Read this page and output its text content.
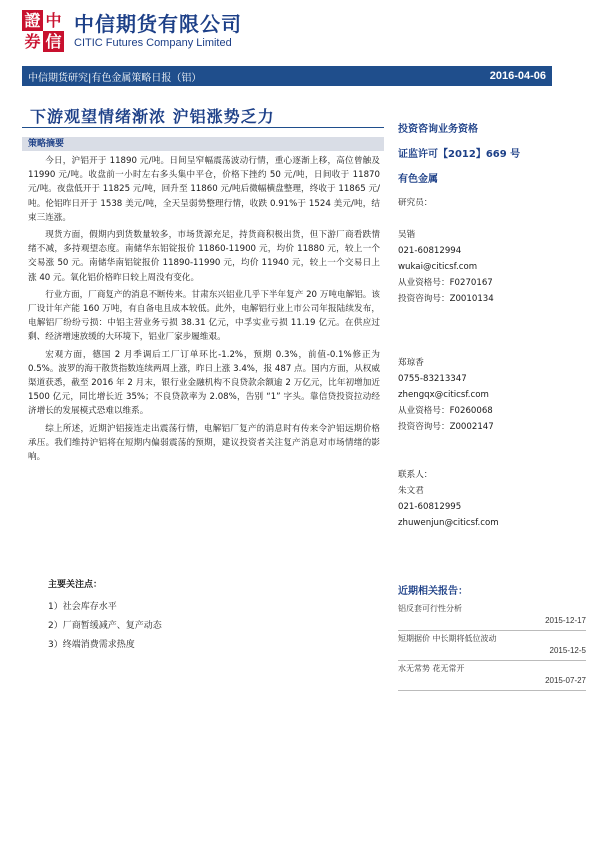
證 中
券 信
中信期货有限公司
CITIC Futures Company Limited
中信期货研究|有色金属策略日报（铝）	2016-04-06
下游观望情绪渐浓 沪铝涨势乏力
策略摘要

今日，沪铝开于 11890 元/吨。日间呈窄幅震荡波动行情，重心逐渐上移，高位曾触及 11990 元/吨。收盘前一小时左右多头集中平仓，价格下挫约 50 元/吨，日间收于 11870 元/吨。夜盘低开于 11825 元/吨，回升至 11860 元/吨后微幅横盘整理，终收于 11865 元/吨。伦铝昨日开于 1538 美元/吨，全天呈弱势整理行情，收跌 0.91%于 1524 美元/吨，结束三连涨。

现货方面，假期内到货数量较多，市场货源充足，持货商积极出货，但下游厂商看跌情绪不减，多持观望态度。南储华东铝锭报价 11860-11900 元，均价 11880 元，较上一个交易涨 50 元。南储华南铝锭报价 11890-11990 元，均价 11940 元，较上一个交易日上涨 40 元。氧化铝价格昨日较上周没有变化。

行业方面，厂商复产的消息不断传来。甘肃东兴铝业几乎下半年复产 20 万吨电解铝。该厂设计年产能 160 万吨，有自备电且成本较低。此外，电解铝行业上市公司年报陆续发布，电解铝厂纷纷亏损：中铝主营业务亏损 38.31 亿元，中孚实业亏损 11.19 亿元。在供应过剩、经济增速放缓的大环境下，铝业厂家步履维艰。

宏观方面，德国 2 月季调后工厂订单环比-1.2%，预期 0.3%，前值-0.1%修正为 0.5%。波罗的海干散货指数连续两周上涨，昨日上涨 3.4%，报 487 点。国内方面，从权威渠道获悉，截至 2016 年 2 月末，银行业金融机构不良贷款余额逾 2 万亿元，比年初增加近 1500 亿元，同比增长近 35%；不良贷款率为 2.08%，告别 “1” 字头。靠信贷投资拉动经济增长的发展模式恐难以维系。

综上所述，近期沪铝接连走出震荡行情，电解铝厂复产的消息时有传来令沪铝远期价格承压。我们维持沪铝将在短期内偏弱震荡的预期，建议投资者关注复产消息对市场情绪的影响。

主要关注点：
1）社会库存水平
2）厂商暂缓减产、复产动态
3）终端消费需求热度
投资咨询业务资格
证监许可【2012】669 号
有色金属
研究员：
吴锴
021-60812994
wukai@citicsf.com
从业资格号：F0270167
投资咨询号：Z0010134
郑琼香
0755-83213347
zhengqx@citicsf.com
从业资格号：F0260068
投资咨询号：Z0002147
联系人：
朱文君
021-60812995
zhuwenjun@citicsf.com
近期相关报告：
铝反套可行性分析
2015-12-17
短期据价 中长期将低位波动
2015-12-5
水无常势 花无常开
2015-07-27
